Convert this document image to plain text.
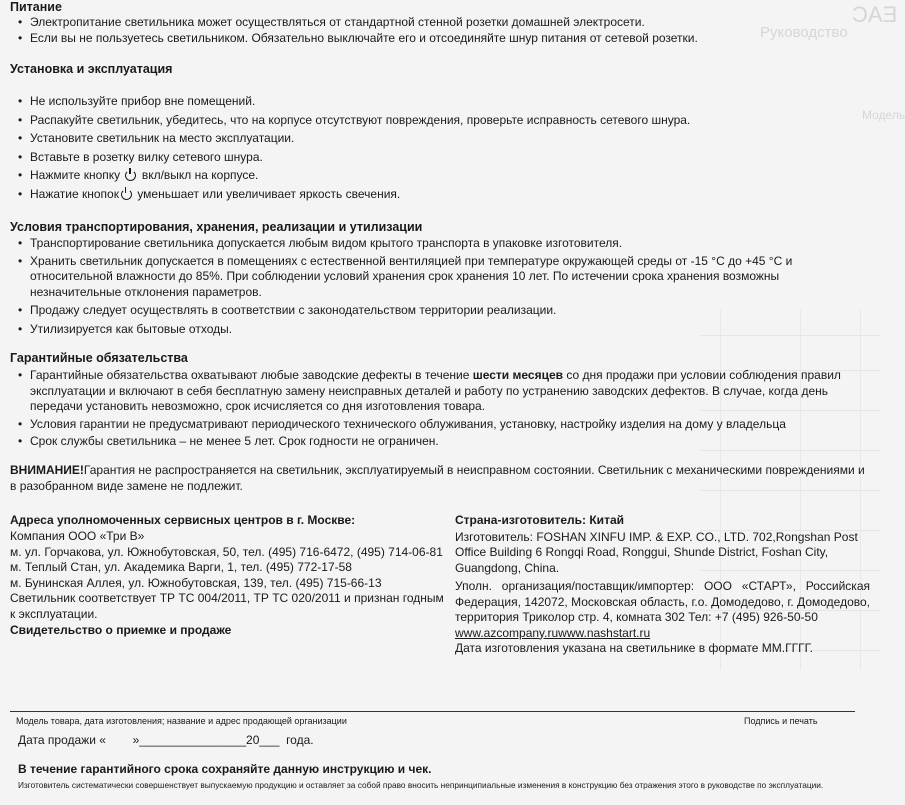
EAC
Руководство
Модель
Питание
• Электропитание светильника может осуществляться от стандартной стенной розетки домашней электросети.
• Если вы не пользуетесь светильником. Обязательно выключайте его и отсоединяйте шнур питания от сетевой розетки.
Установка и эксплуатация
• Не используйте прибор вне помещений.
• Распакуйте светильник, убедитесь, что на корпусе отсутствуют повреждения, проверьте исправность сетевого шнура.
• Установите светильник на место эксплуатации.
• Вставьте в розетку вилку сетевого шнура.
• Нажмите кнопку вкл/выкл на корпусе.
• Нажатие кнопок уменьшает или увеличивает яркость свечения.
Условия транспортирования, хранения, реализации и утилизации
• Транспортирование светильника допускается любым видом крытого транспорта в упаковке изготовителя.
• Хранить светильник допускается в помещениях с естественной вентиляцией при температуре окружающей среды от -15 °С до +45 °С и относительной влажности до 85%. При соблюдении условий хранения срок хранения 10 лет. По истечении срока хранения возможны незначительные отклонения параметров.
• Продажу следует осуществлять в соответствии с законодательством территории реализации.
• Утилизируется как бытовые отходы.
Гарантийные обязательства
• Гарантийные обязательства охватывают любые заводские дефекты в течение шести месяцев со дня продажи при условии соблюдения правил эксплуатации и включают в себя бесплатную замену неисправных деталей и работу по устранению заводских дефектов. В случае, когда день передачи установить невозможно, срок исчисляется со дня изготовления товара.
• Условия гарантии не предусматривают периодического технического облуживания, установку, настройку изделия на дому у владельца
• Срок службы светильника – не менее 5 лет. Срок годности не ограничен.
ВНИМАНИЕ!Гарантия не распространяется на светильник, эксплуатируемый в неисправном состоянии. Светильник с механическими повреждениями и в разобранном виде замене не подлежит.
Адреса уполномоченных сервисных центров в г. Москве:
Компания ООО «Три В»
м. ул. Горчакова, ул. Южнобутовская, 50, тел. (495) 716-6472, (495) 714-06-81
м. Теплый Стан, ул. Академика Варги, 1, тел. (495) 772-17-58
м. Бунинская Аллея, ул. Южнобутовская, 139, тел. (495) 715-66-13
Светильник соответствует ТР ТС 004/2011, ТР ТС 020/2011 и признан годным
к эксплуатации.
Свидетельство о приемке и продаже
Страна-изготовитель: Китай
Изготовитель: FOSHAN XINFU IMP. & EXP. CO., LTD. 702,Rongshan Post Office Building 6 Rongqi Road, Ronggui, Shunde District, Foshan City, Guangdong, China.
Уполн. организация/поставщик/импортер: ООО «СТАРТ», Российская Федерация, 142072, Московская область, г.о. Домодедово, г. Домодедово, территория Триколор стр. 4, комната 302 Тел: +7 (495) 926-50-50
www.azcompany.ruwww.nashstart.ru
Дата изготовления указана на светильнике в формате ММ.ГГГГ.
Модель товара, дата изготовления; название и адрес продающей организации	Подпись и печать
Дата продажи «        »________________20___  года.
В течение гарантийного срока сохраняйте данную инструкцию и чек.
Изготовитель систематически совершенствует выпускаемую продукцию и оставляет за собой право вносить непринципиальные изменения в конструкцию без отражения этого в руководстве по эксплуатации.
